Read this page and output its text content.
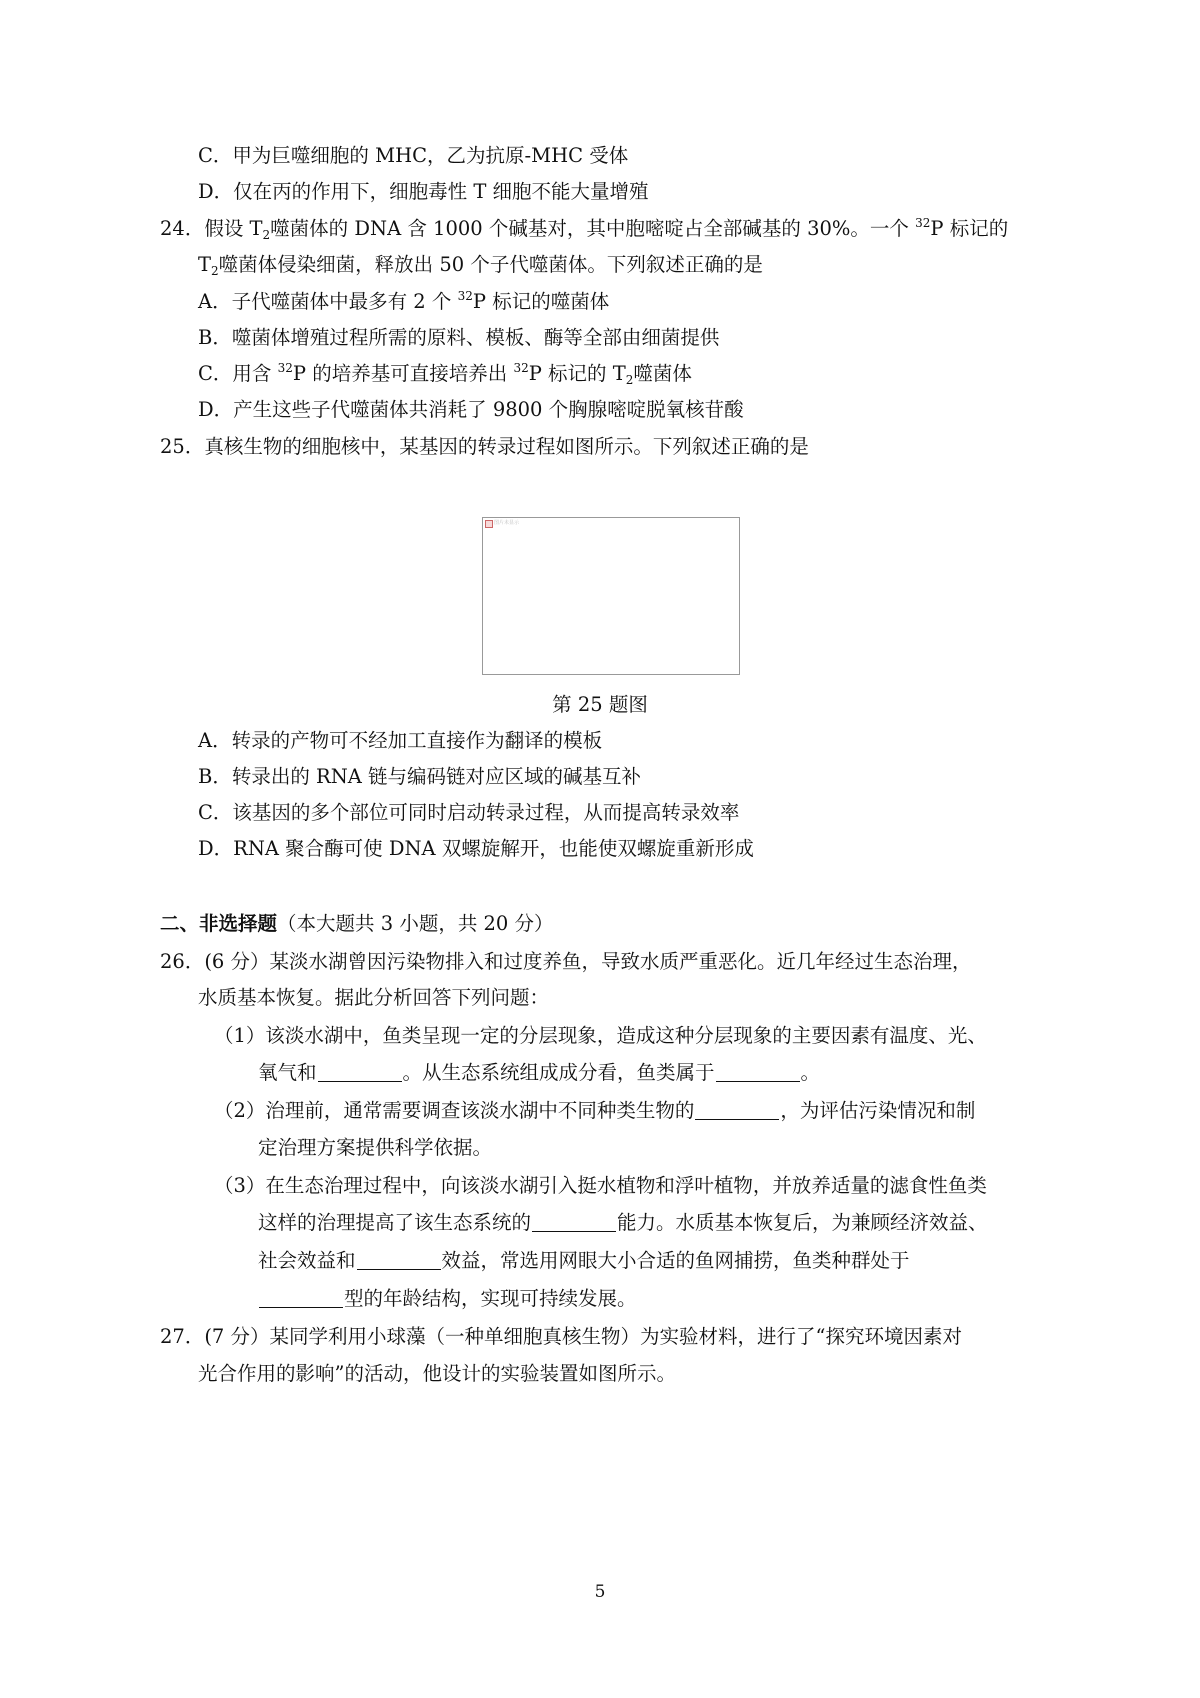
C．甲为巨噬细胞的 MHC，乙为抗原-MHC 受体
D．仅在丙的作用下，细胞毒性 T 细胞不能大量增殖
24．假设 $T_2$噬菌体的 DNA 含 1000 个碱基对，其中胞嘧啶占全部碱基的 30%。一个 $^{32}$P 标记的
$T_2$噬菌体侵染细菌，释放出 50 个子代噬菌体。下列叙述正确的是
A．子代噬菌体中最多有 2 个 $^{32}$P 标记的噬菌体
B．噬菌体增殖过程所需的原料、模板、酶等全部由细菌提供
C．用含 $^{32}$P 的培养基可直接培养出 $^{32}$P 标记的 $T_2$噬菌体
D．产生这些子代噬菌体共消耗了 9800 个胸腺嘧啶脱氧核苷酸
25．真核生物的细胞核中，某基因的转录过程如图所示。下列叙述正确的是
图片未显示
第 25 题图
A．转录的产物可不经加工直接作为翻译的模板
B．转录出的 RNA 链与编码链对应区域的碱基互补
C．该基因的多个部位可同时启动转录过程，从而提高转录效率
D．RNA 聚合酶可使 DNA 双螺旋解开，也能使双螺旋重新形成
二、非选择题（本大题共 3 小题，共 20 分）
26．(6 分）某淡水湖曾因污染物排入和过度养鱼，导致水质严重恶化。近几年经过生态治理，
水质基本恢复。据此分析回答下列问题：
（1）该淡水湖中，鱼类呈现一定的分层现象，造成这种分层现象的主要因素有温度、光、
氧气和	。从生态系统组成成分看，鱼类属于	。
（2）治理前，通常需要调查该淡水湖中不同种类生物的	，为评估污染情况和制
定治理方案提供科学依据。
（3）在生态治理过程中，向该淡水湖引入挺水植物和浮叶植物，并放养适量的滤食性鱼类
这样的治理提高了该生态系统的	能力。水质基本恢复后，为兼顾经济效益、
社会效益和	效益，常选用网眼大小合适的鱼网捕捞，鱼类种群处于
型的年龄结构，实现可持续发展。
27．(7 分）某同学利用小球藻（一种单细胞真核生物）为实验材料，进行了“探究环境因素对
光合作用的影响”的活动，他设计的实验装置如图所示。
5
